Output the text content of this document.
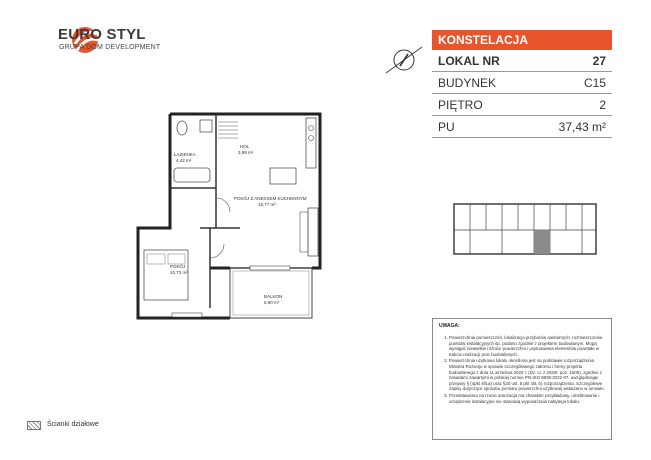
EURO STYL
GRUPA DOM DEVELOPMENT
KONSTELACJA
LOKAL NR	27
BUDYNEK	C15
PIĘTRO	2
PU	37,43 m²
ŁAZIENKA
4,42 m²
HOL
3,98 m²
POKÓJ Z ANEKSEM KUCHENNYM
18,77 m²
POKÓJ
10,73 m²
BALKON
6,90 m²
UWAGA:
1. Powierzchnia pomieszczeń, lokalizacja przyborów sanitarnych, rozmieszczenie punktów instalacyjnych itp. podano zgodnie z projektem budowlanym. Mogą wystąpić niewielkie różnice powierzchni i usytuowania elementów powstałe w trakcie realizacji prac budowlanych.
2. Powierzchnia użytkowa lokalu określona jest na podstawie rozporządzenia Ministra Rozwoju w sprawie szczegółowego zakresu i formy projektu budowlanego z dnia 11 września 2020 r. (Dz. U. z 2020r. poz. 1609), zgodnie z zasadami zawartymi w polskiej normie PN-ISO 9836:2022-07, uwzględniając przepisy § (4pkt 4lit.a) oraz §20 ust. 5 pkt 4lit. b) rozporządzenia. Szczegółowe zapisy dotyczące sposobu pomiaru powierzchni użytkowej wskazano w umowie.
3. Przedstawiona na rzucie aranżacja ma charakter przykładowy, umeblowanie i urządzenia instalacyjne nie stanowią wyposażenia nabytego lokalu.
Ścianki działowe
